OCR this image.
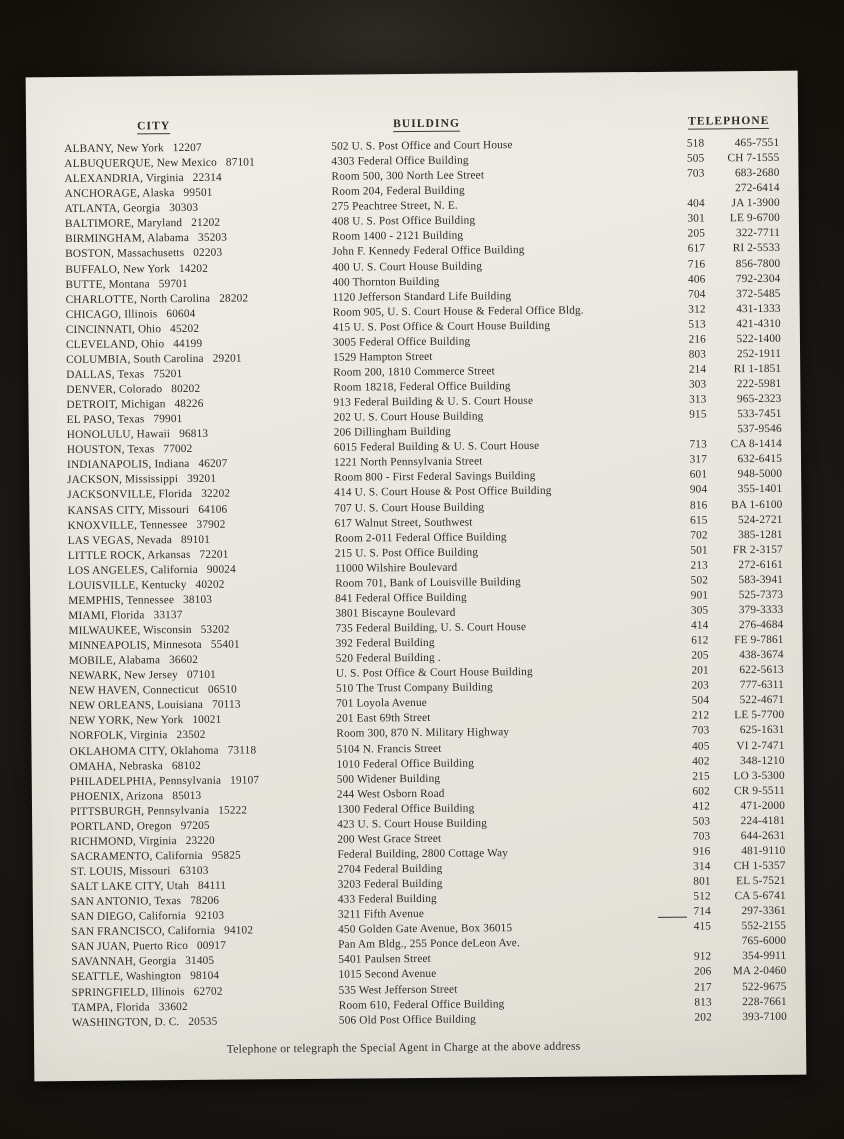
CITY	BUILDING	TELEPHONE
ALBANY, New York 12207	502 U. S. Post Office and Court House	518	465-7551
ALBUQUERQUE, New Mexico 87101	4303 Federal Office Building	505	CH 7-1555
ALEXANDRIA, Virginia 22314	Room 500, 300 North Lee Street	703	683-2680
ANCHORAGE, Alaska 99501	Room 204, Federal Building	272-6414
ATLANTA, Georgia 30303	275 Peachtree Street, N. E.	404	JA 1-3900
BALTIMORE, Maryland 21202	408 U. S. Post Office Building	301	LE 9-6700
BIRMINGHAM, Alabama 35203	Room 1400 - 2121 Building	205	322-7711
BOSTON, Massachusetts 02203	John F. Kennedy Federal Office Building	617	RI 2-5533
BUFFALO, New York 14202	400 U. S. Court House Building	716	856-7800
BUTTE, Montana 59701	400 Thornton Building	406	792-2304
CHARLOTTE, North Carolina 28202	1120 Jefferson Standard Life Building	704	372-5485
CHICAGO, Illinois 60604	Room 905, U. S. Court House & Federal Office Bldg.	312	431-1333
CINCINNATI, Ohio 45202	415 U. S. Post Office & Court House Building	513	421-4310
CLEVELAND, Ohio 44199	3005 Federal Office Building	216	522-1400
COLUMBIA, South Carolina 29201	1529 Hampton Street	803	252-1911
DALLAS, Texas 75201	Room 200, 1810 Commerce Street	214	RI 1-1851
DENVER, Colorado 80202	Room 18218, Federal Office Building	303	222-5981
DETROIT, Michigan 48226	913 Federal Building & U. S. Court House	313	965-2323
EL PASO, Texas 79901	202 U. S. Court House Building	915	533-7451
HONOLULU, Hawaii 96813	206 Dillingham Building	537-9546
HOUSTON, Texas 77002	6015 Federal Building & U. S. Court House	713	CA 8-1414
INDIANAPOLIS, Indiana 46207	1221 North Pennsylvania Street	317	632-6415
JACKSON, Mississippi 39201	Room 800 - First Federal Savings Building	601	948-5000
JACKSONVILLE, Florida 32202	414 U. S. Court House & Post Office Building	904	355-1401
KANSAS CITY, Missouri 64106	707 U. S. Court House Building	816	BA 1-6100
KNOXVILLE, Tennessee 37902	617 Walnut Street, Southwest	615	524-2721
LAS VEGAS, Nevada 89101	Room 2-011 Federal Office Building	702	385-1281
LITTLE ROCK, Arkansas 72201	215 U. S. Post Office Building	501	FR 2-3157
LOS ANGELES, California 90024	11000 Wilshire Boulevard	213	272-6161
LOUISVILLE, Kentucky 40202	Room 701, Bank of Louisville Building	502	583-3941
MEMPHIS, Tennessee 38103	841 Federal Office Building	901	525-7373
MIAMI, Florida 33137	3801 Biscayne Boulevard	305	379-3333
MILWAUKEE, Wisconsin 53202	735 Federal Building, U. S. Court House	414	276-4684
MINNEAPOLIS, Minnesota 55401	392 Federal Building	612	FE 9-7861
MOBILE, Alabama 36602	520 Federal Building .	205	438-3674
NEWARK, New Jersey 07101	U. S. Post Office & Court House Building	201	622-5613
NEW HAVEN, Connecticut 06510	510 The Trust Company Building	203	777-6311
NEW ORLEANS, Louisiana 70113	701 Loyola Avenue	504	522-4671
NEW YORK, New York 10021	201 East 69th Street	212	LE 5-7700
NORFOLK, Virginia 23502	Room 300, 870 N. Military Highway	703	625-1631
OKLAHOMA CITY, Oklahoma 73118	5104 N. Francis Street	405	VI 2-7471
OMAHA, Nebraska 68102	1010 Federal Office Building	402	348-1210
PHILADELPHIA, Pennsylvania 19107	500 Widener Building	215	LO 3-5300
PHOENIX, Arizona 85013	244 West Osborn Road	602	CR 9-5511
PITTSBURGH, Pennsylvania 15222	1300 Federal Office Building	412	471-2000
PORTLAND, Oregon 97205	423 U. S. Court House Building	503	224-4181
RICHMOND, Virginia 23220	200 West Grace Street	703	644-2631
SACRAMENTO, California 95825	Federal Building, 2800 Cottage Way	916	481-9110
ST. LOUIS, Missouri 63103	2704 Federal Building	314	CH 1-5357
SALT LAKE CITY, Utah 84111	3203 Federal Building	801	EL 5-7521
SAN ANTONIO, Texas 78206	433 Federal Building	512	CA 5-6741
SAN DIEGO, California 92103	3211 Fifth Avenue	714	297-3361
SAN FRANCISCO, California 94102	450 Golden Gate Avenue, Box 36015	415	552-2155
SAN JUAN, Puerto Rico 00917	Pan Am Bldg., 255 Ponce deLeon Ave.	765-6000
SAVANNAH, Georgia 31405	5401 Paulsen Street	912	354-9911
SEATTLE, Washington 98104	1015 Second Avenue	206	MA 2-0460
SPRINGFIELD, Illinois 62702	535 West Jefferson Street	217	522-9675
TAMPA, Florida 33602	Room 610, Federal Office Building	813	228-7661
WASHINGTON, D. C. 20535	506 Old Post Office Building	202	393-7100
Telephone or telegraph the Special Agent in Charge at the above address
